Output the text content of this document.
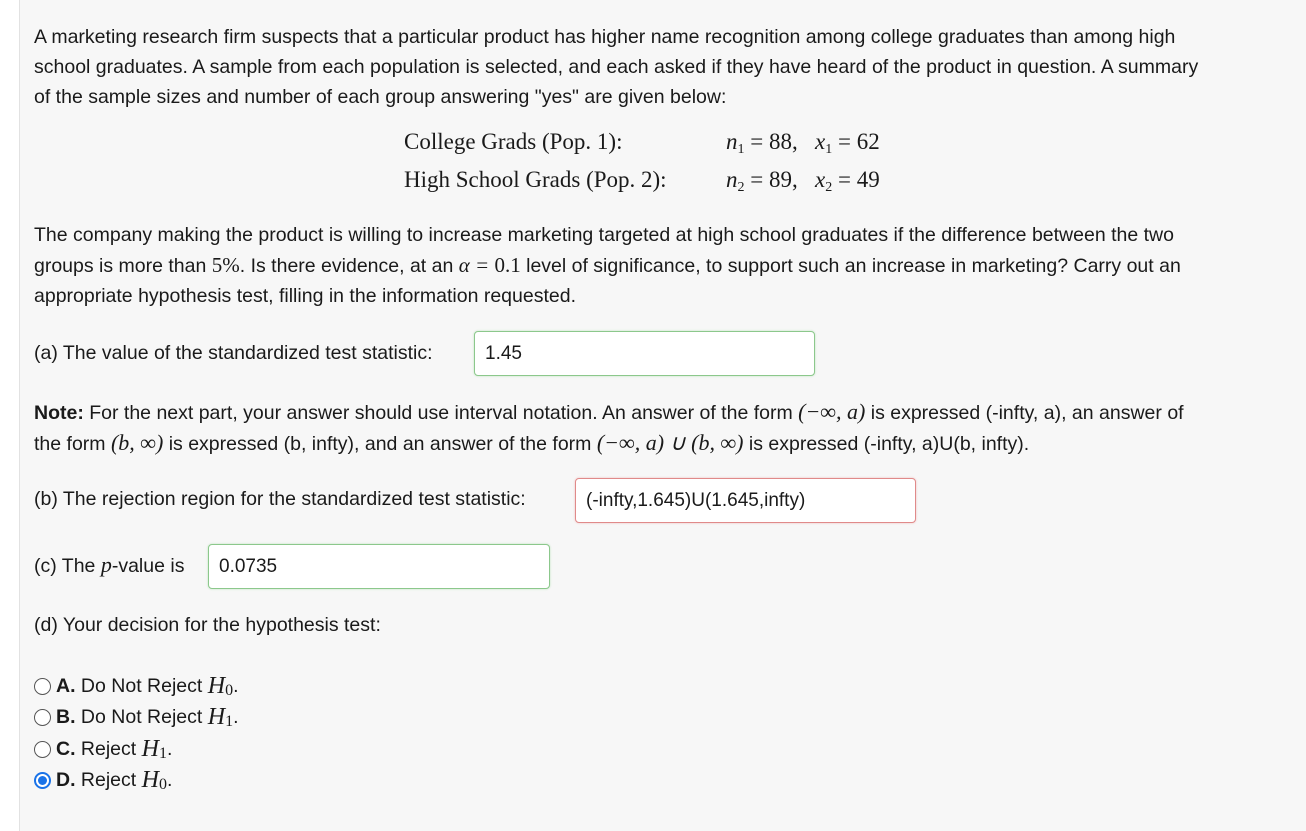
A marketing research firm suspects that a particular product has higher name recognition among college graduates than among high
school graduates. A sample from each population is selected, and each asked if they have heard of the product in question. A summary
of the sample sizes and number of each group answering "yes" are given below:
College Grads (Pop. 1):	$n_1 = 88$, $x_1 = 62$
High School Grads (Pop. 2):	$n_2 = 89$, $x_2 = 49$
The company making the product is willing to increase marketing targeted at high school graduates if the difference between the two
groups is more than 5%. Is there evidence, at an α = 0.1 level of significance, to support such an increase in marketing? Carry out an
appropriate hypothesis test, filling in the information requested.
(a) The value of the standardized test statistic:	1.45
Note: For the next part, your answer should use interval notation. An answer of the form (−∞, a) is expressed (-infty, a), an answer of
the form (b, ∞) is expressed (b, infty), and an answer of the form (−∞, a) ∪ (b, ∞) is expressed (-infty, a)U(b, infty).
(b) The rejection region for the standardized test statistic:	(-infty,1.645)U(1.645,infty)
(c) The p-value is	0.0735
(d) Your decision for the hypothesis test:
A. Do Not Reject H 0 .
B. Do Not Reject H 1 .
C. Reject H 1 .
D. Reject H 0 .
